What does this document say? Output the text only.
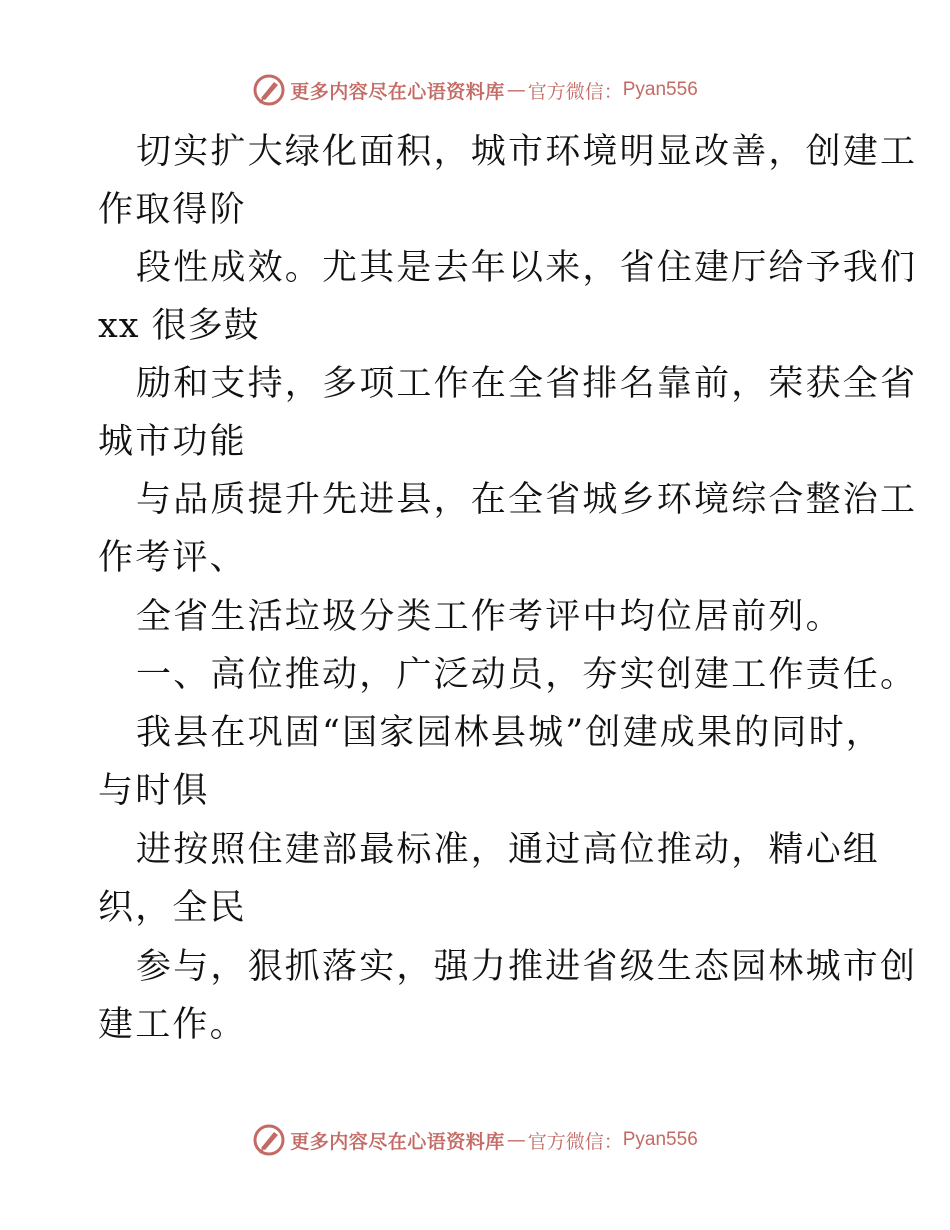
更多内容尽在心语资料库 — 官方微信： Pyan556
切实扩大绿化面积，城市环境明显改善，创建工
作取得阶
段性成效。尤其是去年以来，省住建厅给予我们
xx 很多鼓
励和支持，多项工作在全省排名靠前，荣获全省
城市功能
与品质提升先进县，在全省城乡环境综合整治工
作考评、
全省生活垃圾分类工作考评中均位居前列。
一、高位推动，广泛动员，夯实创建工作责任。
我县在巩固“国家园林县城”创建成果的同时，
与时俱
进按照住建部最标准，通过高位推动，精心组
织，全民
参与，狠抓落实，强力推进省级生态园林城市创
建工作。
更多内容尽在心语资料库 — 官方微信： Pyan556
